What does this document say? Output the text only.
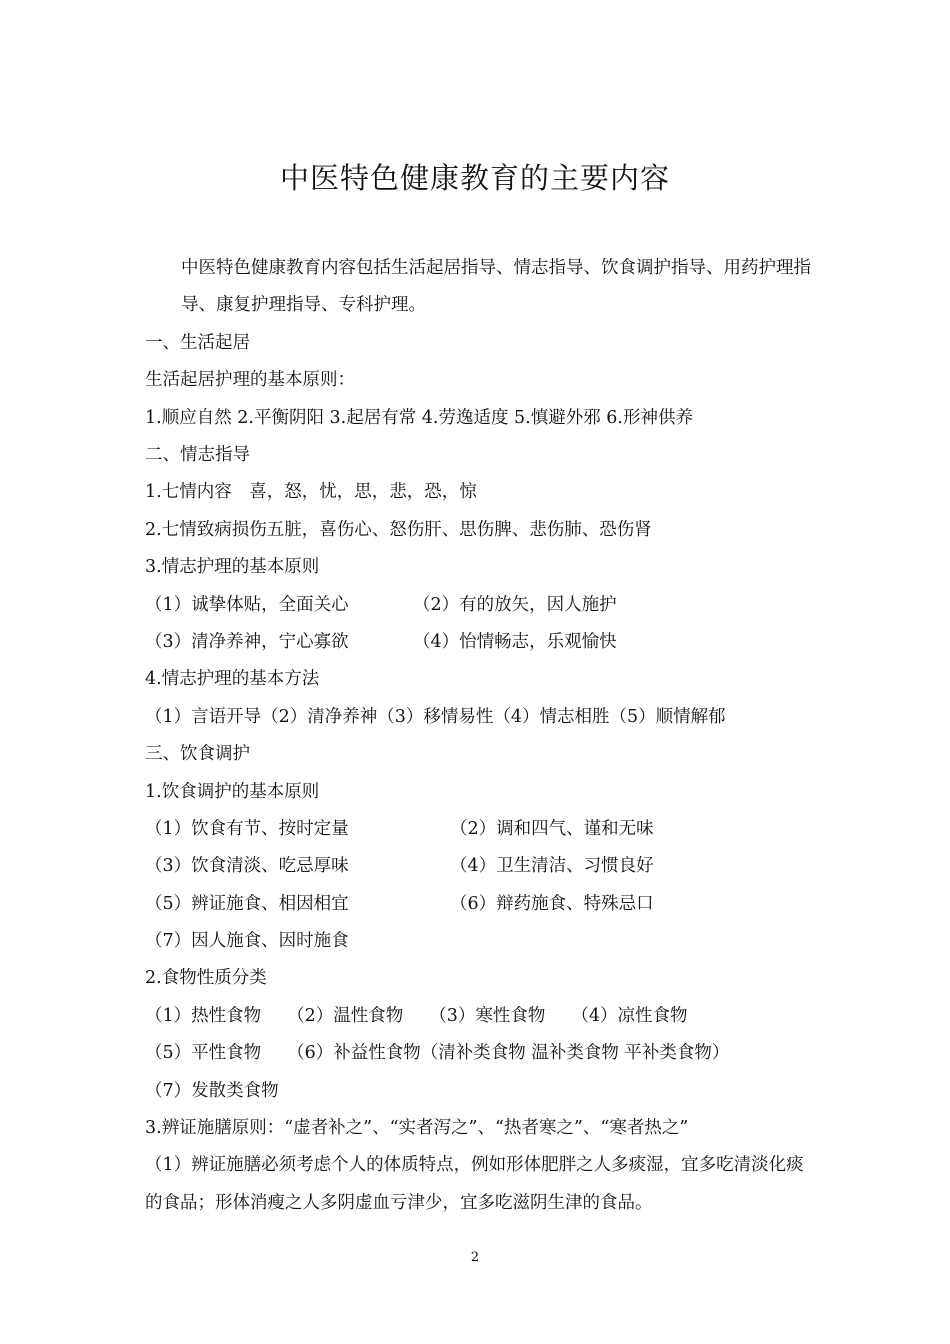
中医特色健康教育的主要内容
中医特色健康教育内容包括生活起居指导、情志指导、饮食调护指导、用药护理指导、康复护理指导、专科护理。
一、生活起居
生活起居护理的基本原则：
1.顺应自然 2.平衡阴阳 3.起居有常 4.劳逸适度 5.慎避外邪 6.形神供养
二、情志指导
1.七情内容　喜，怒，忧，思，悲，恐，惊
2.七情致病损伤五脏，喜伤心、怒伤肝、思伤脾、悲伤肺、恐伤肾
3.情志护理的基本原则
（1）诚挚体贴，全面关心	（2）有的放矢，因人施护
（3）清净养神，宁心寡欲	（4）怡情畅志，乐观愉快
4.情志护理的基本方法
（1）言语开导（2）清净养神（3）移情易性（4）情志相胜（5）顺情解郁
三、饮食调护
1.饮食调护的基本原则
（1）饮食有节、按时定量	（2）调和四气、谨和无味
（3）饮食清淡、吃忌厚味	（4）卫生清洁、习惯良好
（5）辨证施食、相因相宜	（6）辩药施食、特殊忌口
（7）因人施食、因时施食
2.食物性质分类
（1）热性食物 （2）温性食物 （3）寒性食物 （4）凉性食物
（5）平性食物 （6）补益性食物（清补类食物 温补类食物 平补类食物）
（7）发散类食物
3.辨证施膳原则：“虚者补之”、“实者泻之”、“热者寒之”、“寒者热之”
（1）辨证施膳必须考虑个人的体质特点，例如形体肥胖之人多痰湿，宜多吃清淡化痰的食品；形体消瘦之人多阴虚血亏津少，宜多吃滋阴生津的食品。
2
